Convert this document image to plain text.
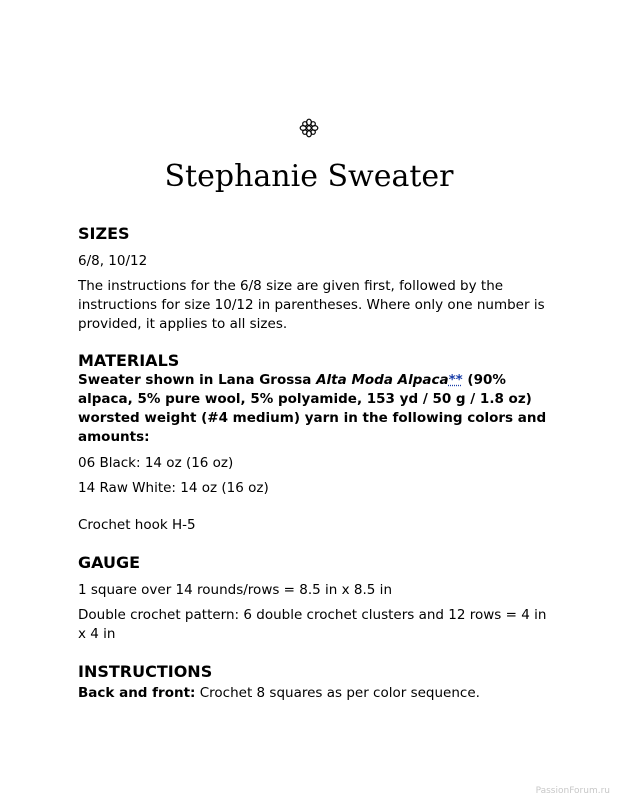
Stephanie Sweater
SIZES

6/8, 10/12

The instructions for the 6/8 size are given first, followed by the instructions for size 10/12 in parentheses. Where only one number is provided, it applies to all sizes.

MATERIALS

Sweater shown in Lana Grossa Alta Moda Alpaca** (90% alpaca, 5% pure wool, 5% polyamide, 153 yd / 50 g / 1.8 oz) worsted weight (#4 medium) yarn in the following colors and amounts:

06 Black: 14 oz (16 oz)

14 Raw White: 14 oz (16 oz)

Crochet hook H-5

GAUGE

1 square over 14 rounds/rows = 8.5 in x 8.5 in

Double crochet pattern: 6 double crochet clusters and 12 rows = 4 in x 4 in

INSTRUCTIONS

Back and front: Crochet 8 squares as per color sequence.

PassionForum.ru
